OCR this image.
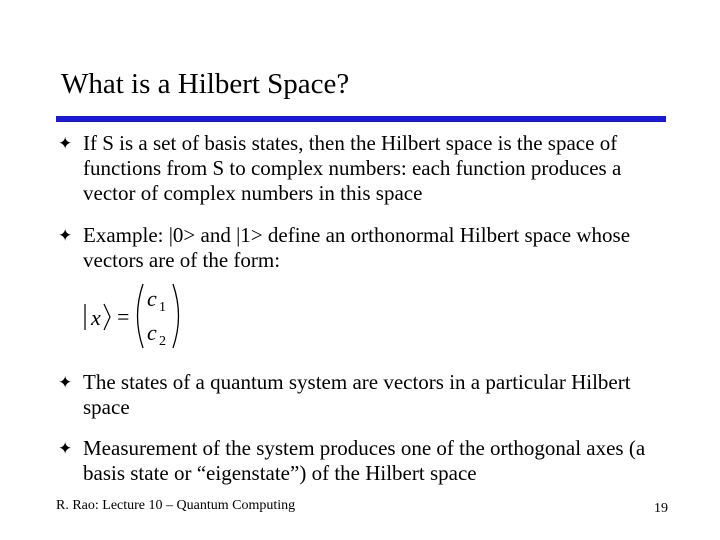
What is a Hilbert Space?
✦ If S is a set of basis states, then the Hilbert space is the space of functions from S to complex numbers: each function produces a vector of complex numbers in this space
✦ Example: |0> and |1> define an orthonormal Hilbert space whose vectors are of the form:
x =
c 1
c 2
✦ The states of a quantum system are vectors in a particular Hilbert space
✦ Measurement of the system produces one of the orthogonal axes (a basis state or “eigenstate”) of the Hilbert space
R. Rao: Lecture 10 – Quantum Computing	19
